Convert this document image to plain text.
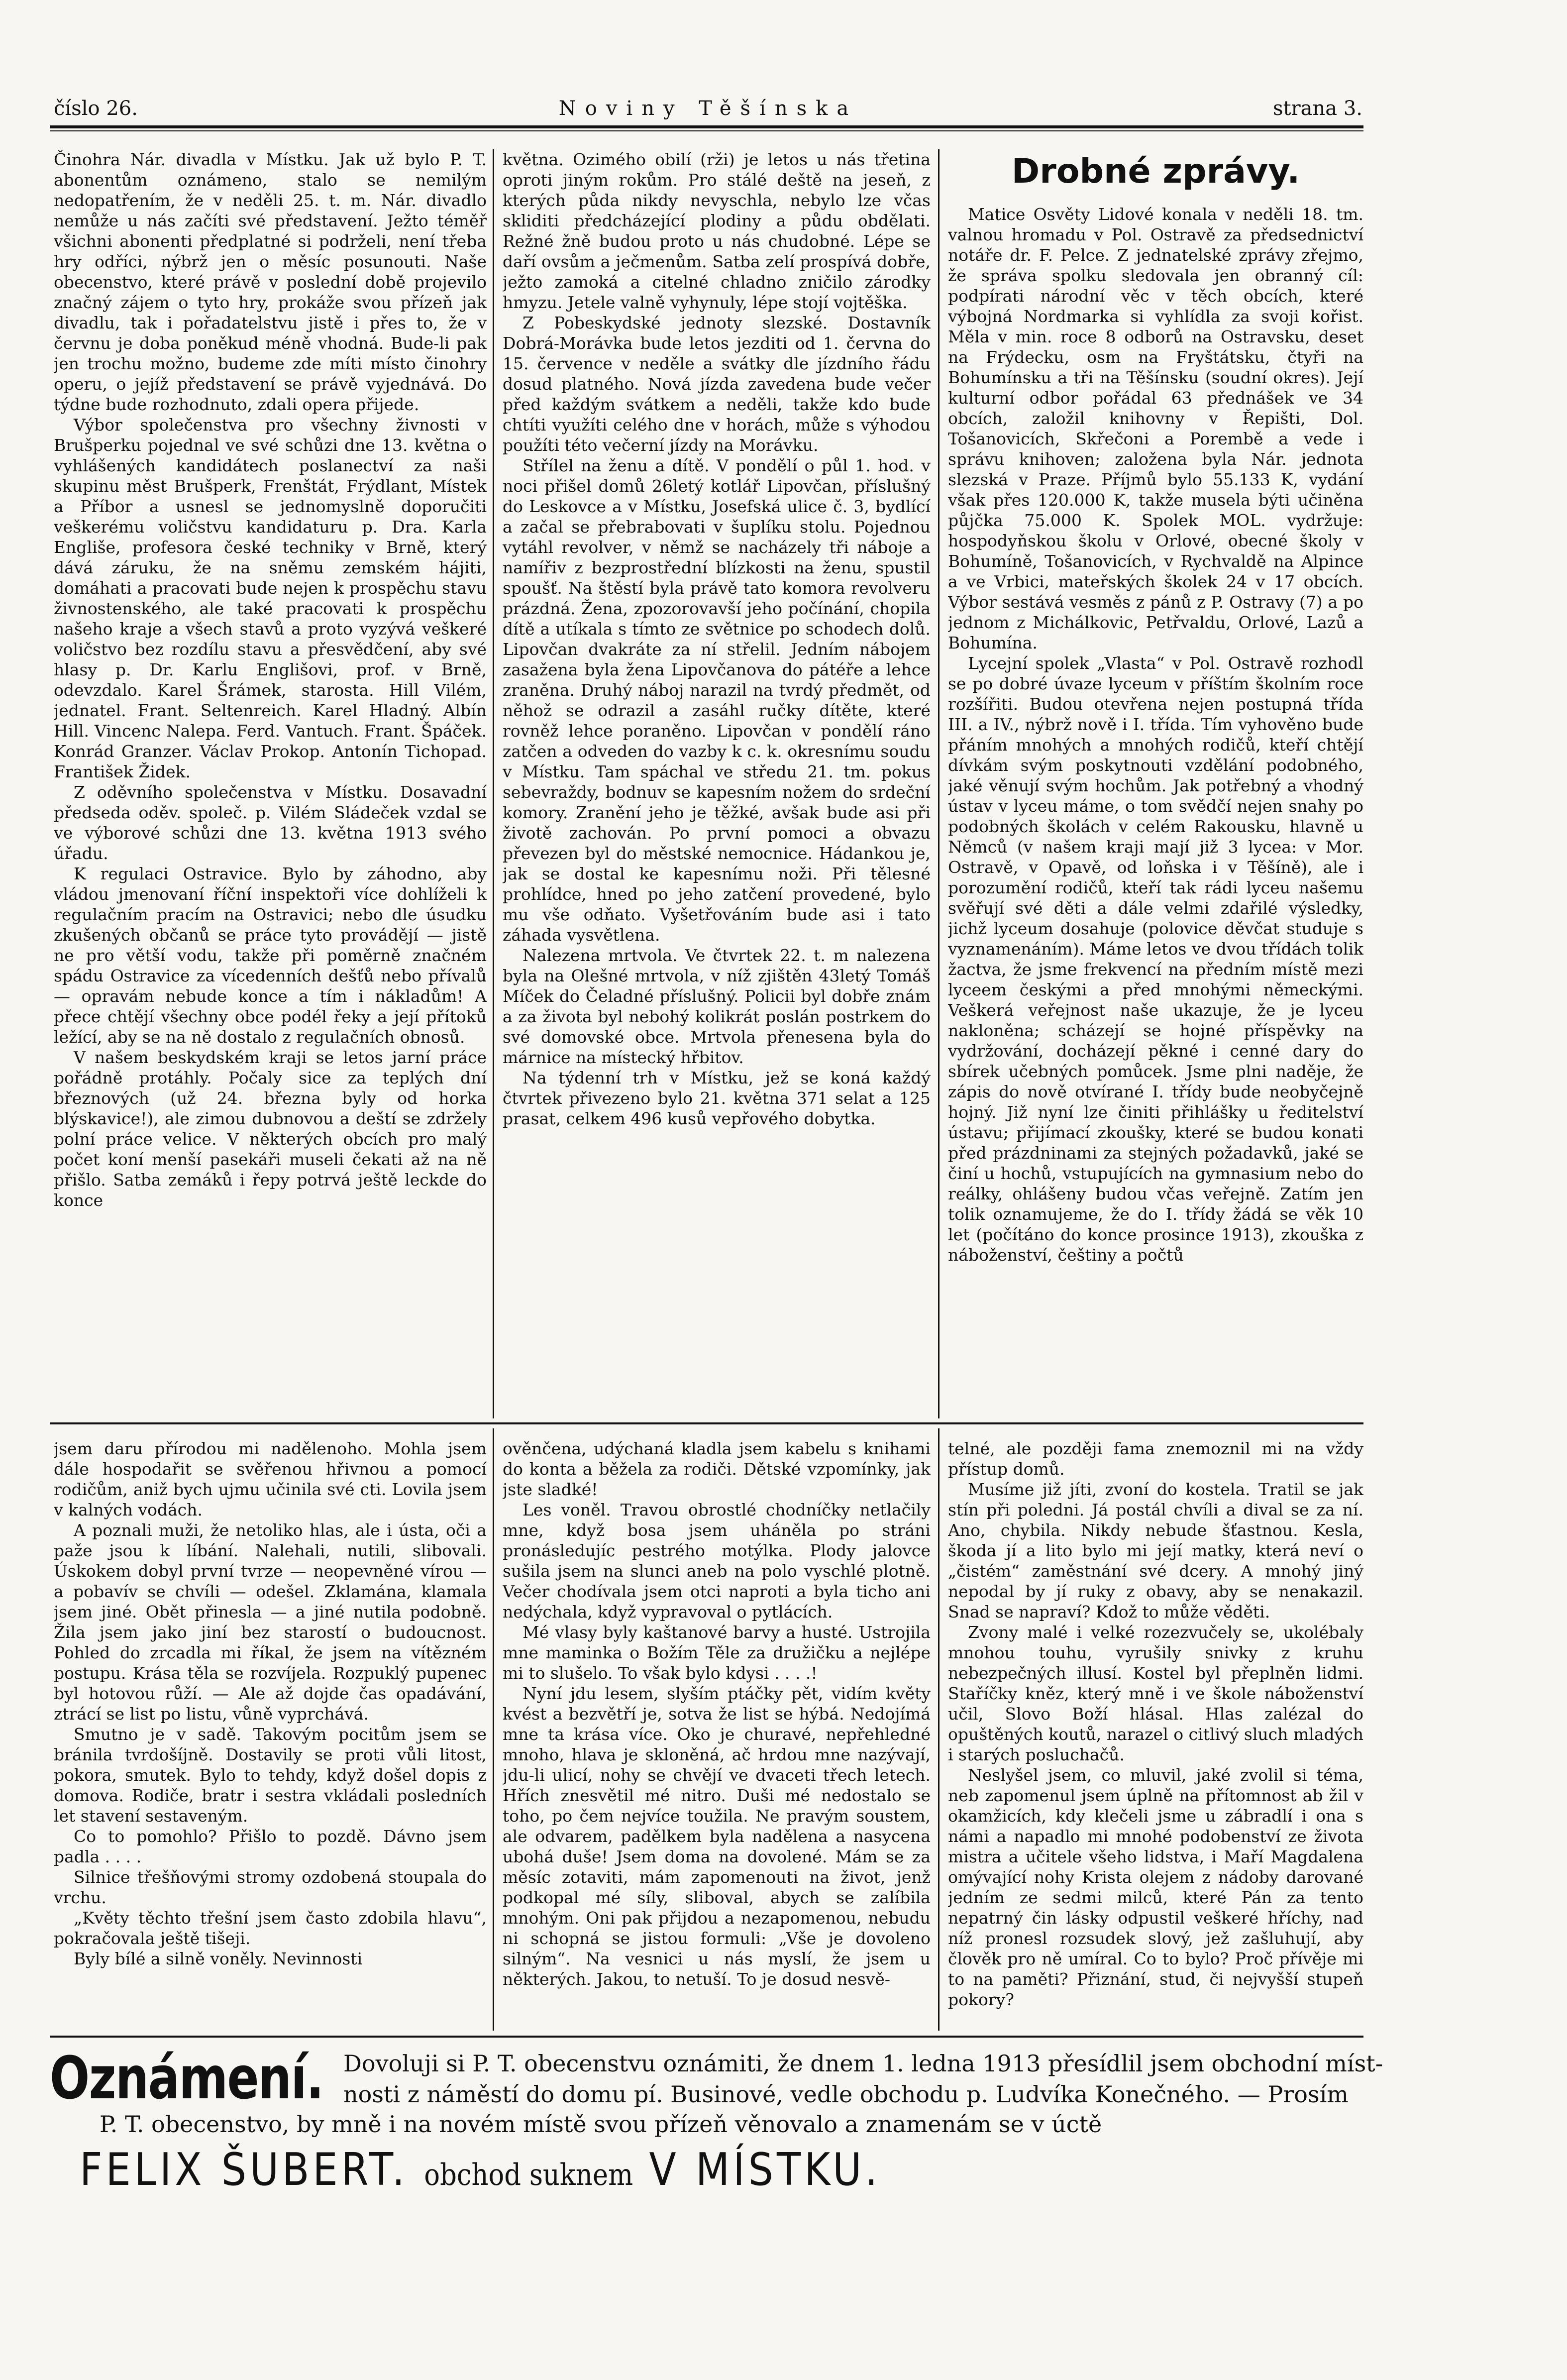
číslo 26.	Noviny Těšínska	strana 3.

Činohra Nár. divadla v Místku. Jak už bylo P. T. abonentům oznámeno, stalo se nemilým nedopatřením, že v neděli 25. t. m. Nár. divadlo nemůže u nás začíti své představení. Ježto téměř všichni abonenti předplatné si podrželi, není třeba hry odříci, nýbrž jen o měsíc posunouti. Naše obecenstvo, které právě v poslední době projevilo značný zájem o tyto hry, prokáže svou přízeň jak divadlu, tak i pořadatelstvu jistě i přes to, že v červnu je doba poněkud méně vhodná. Bude-li pak jen trochu možno, budeme zde míti místo činohry operu, o jejíž představení se právě vyjednává. Do týdne bude rozhodnuto, zdali opera přijede.

Výbor společenstva pro všechny živnosti v Brušperku pojednal ve své schůzi dne 13. května o vyhlášených kandidátech poslanectví za naši skupinu měst Brušperk, Frenštát, Frýdlant, Místek a Příbor a usnesl se jednomyslně doporučiti veškerému voličstvu kandidaturu p. Dra. Karla Engliše, profesora české techniky v Brně, který dává záruku, že na sněmu zemském hájiti, domáhati a pracovati bude nejen k prospěchu stavu živnostenského, ale také pracovati k prospěchu našeho kraje a všech stavů a proto vyzývá veškeré voličstvo bez rozdílu stavu a přesvědčení, aby své hlasy p. Dr. Karlu Englišovi, prof. v Brně, odevzdalo. Karel Šrámek, starosta. Hill Vilém, jednatel. Frant. Seltenreich. Karel Hladný. Albín Hill. Vincenc Nalepa. Ferd. Vantuch. Frant. Špáček. Konrád Granzer. Václav Prokop. Antonín Tichopad. František Židek.

Z oděvního společenstva v Místku. Dosavadní předseda oděv. společ. p. Vilém Sládeček vzdal se ve výborové schůzi dne 13. května 1913 svého úřadu.

K regulaci Ostravice. Bylo by záhodno, aby vládou jmenovaní říční inspektoři více dohlíželi k regulačním pracím na Ostravici; nebo dle úsudku zkušených občanů se práce tyto provádějí — jistě ne pro větší vodu, takže při poměrně značném spádu Ostravice za vícedenních dešťů nebo přívalů — opravám nebude konce a tím i nákladům! A přece chtějí všechny obce podél řeky a její přítoků ležící, aby se na ně dostalo z regulačních obnosů.

V našem beskydském kraji se letos jarní práce pořádně protáhly. Počaly sice za teplých dní březnových (už 24. března byly od horka blýskavice!), ale zimou dubnovou a deští se zdržely polní práce velice. V některých obcích pro malý počet koní menší pasekáři museli čekati až na ně přišlo. Satba zemáků i řepy potrvá ještě leckde do konce

května. Ozimého obilí (rži) je letos u nás třetina oproti jiným rokům. Pro stálé deště na jeseň, z kterých půda nikdy nevyschla, nebylo lze včas skliditi předcházející plodiny a půdu obdělati. Režné žně budou proto u nás chudobné. Lépe se daří ovsům a ječmenům. Satba zelí prospívá dobře, ježto zamoká a citelné chladno zničilo zárodky hmyzu. Jetele valně vyhynuly, lépe stojí vojtěška.

Z Pobeskydské jednoty slezské. Dostavník Dobrá-Morávka bude letos jezditi od 1. června do 15. července v neděle a svátky dle jízdního řádu dosud platného. Nová jízda zavedena bude večer před každým svátkem a neděli, takže kdo bude chtíti využíti celého dne v horách, může s výhodou použíti této večerní jízdy na Morávku.

Střílel na ženu a dítě. V pondělí o půl 1. hod. v noci přišel domů 26letý kotlář Lipovčan, příslušný do Leskovce a v Místku, Josefská ulice č. 3, bydlící a začal se přebrabovati v šuplíku stolu. Pojednou vytáhl revolver, v němž se nacházely tři náboje a namířiv z bezprostřední blízkosti na ženu, spustil spoušť. Na štěstí byla právě tato komora revolveru prázdná. Žena, zpozorovavší jeho počínání, chopila dítě a utíkala s tímto ze světnice po schodech dolů. Lipovčan dvakráte za ní střelil. Jedním nábojem zasažena byla žena Lipovčanova do pátéře a lehce zraněna. Druhý náboj narazil na tvrdý předmět, od něhož se odrazil a zasáhl ručky dítěte, které rovněž lehce poraněno. Lipovčan v pondělí ráno zatčen a odveden do vazby k c. k. okresnímu soudu v Místku. Tam spáchal ve středu 21. tm. pokus sebevraždy, bodnuv se kapesním nožem do srdeční komory. Zranění jeho je těžké, avšak bude asi při životě zachován. Po první pomoci a obvazu převezen byl do městské nemocnice. Hádankou je, jak se dostal ke kapesnímu noži. Při tělesné prohlídce, hned po jeho zatčení provedené, bylo mu vše odňato. Vyšetřováním bude asi i tato záhada vysvětlena.

Nalezena mrtvola. Ve čtvrtek 22. t. m nalezena byla na Olešné mrtvola, v níž zjištěn 43letý Tomáš Míček do Čeladné příslušný. Policii byl dobře znám a za života byl nebohý kolikrát poslán postrkem do své domovské obce. Mrtvola přenesena byla do márnice na místecký hřbitov.

Na týdenní trh v Místku, jež se koná každý čtvrtek přivezeno bylo 21. května 371 selat a 125 prasat, celkem 496 kusů vepřového dobytka.

Drobné zprávy.

Matice Osvěty Lidové konala v neděli 18. tm. valnou hromadu v Pol. Ostravě za předsednictví notáře dr. F. Pelce. Z jednatelské zprávy zřejmo, že správa spolku sledovala jen obranný cíl: podpírati národní věc v těch obcích, které výbojná Nordmarka si vyhlídla za svoji kořist. Měla v min. roce 8 odborů na Ostravsku, deset na Frýdecku, osm na Fryštátsku, čtyři na Bohumínsku a tři na Těšínsku (soudní okres). Její kulturní odbor pořádal 63 přednášek ve 34 obcích, založil knihovny v Řepišti, Dol. Tošanovicích, Skřečoni a Porembě a vede i správu knihoven; založena byla Nár. jednota slezská v Praze. Příjmů bylo 55.133 K, vydání však přes 120.000 K, takže musela býti učiněna půjčka 75.000 K. Spolek MOL. vydržuje: hospodyňskou školu v Orlové, obecné školy v Bohumíně, Tošanovicích, v Rychvaldě na Alpince a ve Vrbici, mateřských školek 24 v 17 obcích. Výbor sestává vesměs z pánů z P. Ostravy (7) a po jednom z Michálkovic, Petřvaldu, Orlové, Lazů a Bohumína.

Lycejní spolek „Vlasta“ v Pol. Ostravě rozhodl se po dobré úvaze lyceum v příštím školním roce rozšířiti. Budou otevřena nejen postupná třída III. a IV., nýbrž nově i I. třída. Tím vyhověno bude přáním mnohých a mnohých rodičů, kteří chtějí dívkám svým poskytnouti vzdělání podobného, jaké věnují svým hochům. Jak potřebný a vhodný ústav v lyceu máme, o tom svědčí nejen snahy po podobných školách v celém Rakousku, hlavně u Němců (v našem kraji mají již 3 lycea: v Mor. Ostravě, v Opavě, od loňska i v Těšíně), ale i porozumění rodičů, kteří tak rádi lyceu našemu svěřují své děti a dále velmi zdařilé výsledky, jichž lyceum dosahuje (polovice děvčat studuje s vyznamenáním). Máme letos ve dvou třídách tolik žactva, že jsme frekvencí na předním místě mezi lyceem českými a před mnohými německými. Veškerá veřejnost naše ukazuje, že je lyceu nakloněna; scházejí se hojné příspěvky na vydržování, docházejí pěkné i cenné dary do sbírek učebných pomůcek. Jsme plni naděje, že zápis do nově otvírané I. třídy bude neobyčejně hojný. Již nyní lze činiti přihlášky u ředitelství ústavu; přijímací zkoušky, které se budou konati před prázdninami za stejných požadavků, jaké se činí u hochů, vstupujících na gymnasium nebo do reálky, ohlášeny budou včas veřejně. Zatím jen tolik oznamujeme, že do I. třídy žádá se věk 10 let (počítáno do konce prosince 1913), zkouška z náboženství, češtiny a počtů

jsem daru přírodou mi nadělenoho. Mohla jsem dále hospodařit se svěřenou hřivnou a pomocí rodičům, aniž bych ujmu učinila své cti. Lovila jsem v kalných vodách.

A poznali muži, že netoliko hlas, ale i ústa, oči a paže jsou k líbání. Nalehali, nutili, slibovali. Úskokem dobyl první tvrze — neopevněné vírou — a pobavív se chvíli — odešel. Zklamána, klamala jsem jiné. Obět přinesla — a jiné nutila podobně. Žila jsem jako jiní bez starostí o budoucnost. Pohled do zrcadla mi říkal, že jsem na vítězném postupu. Krása těla se rozvíjela. Rozpuklý pupenec byl hotovou růží. — Ale až dojde čas opadávání, ztrácí se list po listu, vůně vyprchává.

Smutno je v sadě. Takovým pocitům jsem se bránila tvrdošíjně. Dostavily se proti vůli litost, pokora, smutek. Bylo to tehdy, když došel dopis z domova. Rodiče, bratr i sestra vkládali posledních let stavení sestaveným.

Co to pomohlo? Přišlo to pozdě. Dávno jsem padla . . . .

Silnice třešňovými stromy ozdobená stoupala do vrchu.

„Květy těchto třešní jsem často zdobila hlavu“, pokračovala ještě tišeji.

Byly bílé a silně voněly. Nevinnosti

ověnčena, udýchaná kladla jsem kabelu s knihami do konta a běžela za rodiči. Dětské vzpomínky, jak jste sladké!

Les voněl. Travou obrostlé chodníčky netlačily mne, když bosa jsem uháněla po stráni pronásledujíc pestrého motýlka. Plody jalovce sušila jsem na slunci aneb na polo vyschlé plotně. Večer chodívala jsem otci naproti a byla ticho ani nedýchala, když vypravoval o pytlácích.

Mé vlasy byly kaštanové barvy a husté. Ustrojila mne maminka o Božím Těle za družičku a nejlépe mi to slušelo. To však bylo kdysi . . . .!

Nyní jdu lesem, slyším ptáčky pět, vidím květy kvést a bezvětří je, sotva že list se hýbá. Nedojímá mne ta krása více. Oko je churavé, nepřehledné mnoho, hlava je skloněná, ač hrdou mne nazývají, jdu-li ulicí, nohy se chvějí ve dvaceti třech letech. Hřích znesvětil mé nitro. Duši mé nedostalo se toho, po čem nejvíce toužila. Ne pravým soustem, ale odvarem, padělkem byla nadělena a nasycena ubohá duše! Jsem doma na dovolené. Mám se za měsíc zotaviti, mám zapomenouti na život, jenž podkopal mé síly, sliboval, abych se zalíbila mnohým. Oni pak přijdou a nezapomenou, nebudu ni schopná se jistou formuli: „Vše je dovoleno silným“. Na vesnici u nás myslí, že jsem u některých. Jakou, to netuší. To je dosud nesvě-

telné, ale později fama znemoznil mi na vždy přístup domů.

Musíme již jíti, zvoní do kostela. Tratil se jak stín při poledni. Já postál chvíli a dival se za ní. Ano, chybila. Nikdy nebude šťastnou. Kesla, škoda jí a lito bylo mi její matky, která neví o „čistém“ zaměstnání své dcery. A mnohý jiný nepodal by jí ruky z obavy, aby se nenakazil. Snad se napraví? Kdož to může věděti.

Zvony malé i velké rozezvučely se, ukolébaly mnohou touhu, vyrušily snivky z kruhu nebezpečných illusí. Kostel byl přeplněn lidmi. Staříčky kněz, který mně i ve škole náboženství učil, Slovo Boží hlásal. Hlas zalézal do opuštěných koutů, narazel o citlivý sluch mladých i starých posluchačů.

Neslyšel jsem, co mluvil, jaké zvolil si téma, neb zapomenul jsem úplně na přítomnost ab žil v okamžicích, kdy klečeli jsme u zábradlí i ona s námi a napadlo mi mnohé podobenství ze života mistra a učitele všeho lidstva, i Maří Magdalena omývající nohy Krista olejem z nádoby darované jedním ze sedmi milců, které Pán za tento nepatrný čin lásky odpustil veškeré hříchy, nad níž pronesl rozsudek slový, jež zašluhují, aby člověk pro ně umíral. Co to bylo? Proč přívěje mi to na paměti? Přiznání, stud, či nejvyšší stupeň pokory?

Oznámení. Dovoluji si P. T. obecenstvu oznámiti, že dnem 1. ledna 1913 přesídlil jsem obchodní míst-
nosti z náměstí do domu pí. Businové, vedle obchodu p. Ludvíka Konečného. — Prosím
P. T. obecenstvo, by mně i na novém místě svou přízeň věnovalo a znamenám se v úctě
FELIX ŠUBERT. obchod suknem V MÍSTKU.
